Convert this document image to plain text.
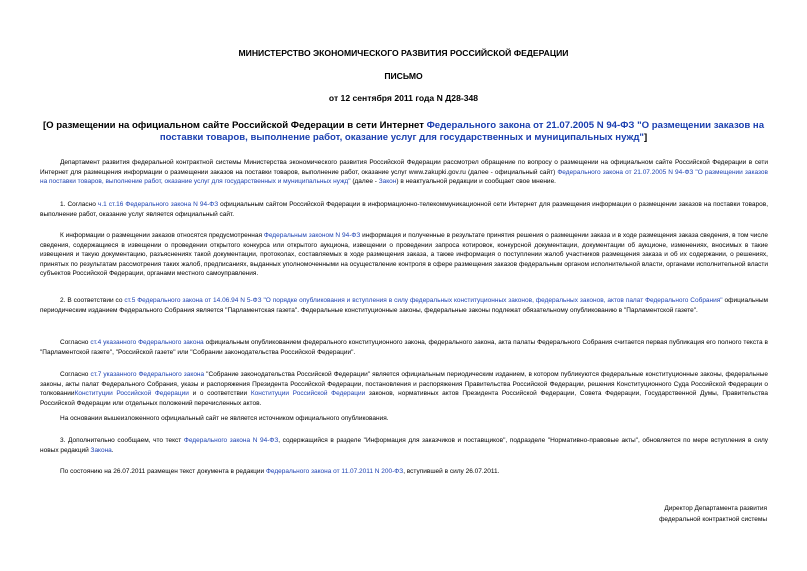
МИНИСТЕРСТВО ЭКОНОМИЧЕСКОГО РАЗВИТИЯ РОССИЙСКОЙ ФЕДЕРАЦИИ
ПИСЬМО
от 12 сентября 2011 года N Д28-348
[О размещении на официальном сайте Российской Федерации в сети Интернет Федерального закона от 21.07.2005 N 94-ФЗ "О размещении заказов на поставки товаров, выполнение работ, оказание услуг для государственных и муниципальных нужд"]

Департамент развития федеральной контрактной системы Министерства экономического развития Российской Федерации рассмотрел обращение по вопросу о размещении на официальном сайте Российской Федерации в сети Интернет для размещения информации о размещении заказов на поставки товаров, выполнение работ, оказание услуг www.zakupki.gov.ru (далее - официальный сайт) Федерального закона от 21.07.2005 N 94-ФЗ "О размещении заказов на поставки товаров, выполнение работ, оказание услуг для государственных и муниципальных нужд" (далее - Закон) в неактуальной редакции и сообщает свое мнение.

1. Согласно ч.1 ст.16 Федерального закона N 94-ФЗ официальным сайтом Российской Федерации в информационно-телекоммуникационной сети Интернет для размещения информации о размещении заказов на поставки товаров, выполнение работ, оказание услуг является официальный сайт.

К информации о размещении заказов относятся предусмотренная Федеральным законом N 94-ФЗ информация и полученные в результате принятия решения о размещении заказа и в ходе размещения заказа сведения, в том числе сведения, содержащиеся в извещении о проведении открытого конкурса или открытого аукциона, извещении о проведении запроса котировок, конкурсной документации, документации об аукционе, изменениях, вносимых в такие извещения и такую документацию, разъяснениях такой документации, протоколах, составляемых в ходе размещения заказа, а также информация о поступлении жалоб участников размещения заказа и об их содержании, о решениях, принятых по результатам рассмотрения таких жалоб, предписаниях, выданных уполномоченными на осуществление контроля в сфере размещения заказов федеральным органом исполнительной власти, органами исполнительной власти субъектов Российской Федерации, органами местного самоуправления.

2. В соответствии со ст.5 Федерального закона от 14.06.94 N 5-ФЗ "О порядке опубликования и вступления в силу федеральных конституционных законов, федеральных законов, актов палат Федерального Собрания" официальным периодическим изданием Федерального Собрания является "Парламентская газета". Федеральные конституционные законы, федеральные законы подлежат обязательному опубликованию в "Парламентской газете".

Согласно ст.4 указанного Федерального закона официальным опубликованием федерального конституционного закона, федерального закона, акта палаты Федерального Собрания считается первая публикация его полного текста в "Парламентской газете", "Российской газете" или "Собрании законодательства Российской Федерации".

Согласно ст.7 указанного Федерального закона "Собрание законодательства Российской Федерации" является официальным периодическим изданием, в котором публикуются федеральные конституционные законы, федеральные законы, акты палат Федерального Собрания, указы и распоряжения Президента Российской Федерации, постановления и распоряжения Правительства Российской Федерации, решения Конституционного Суда Российской Федерации о толкованииКонституции Российской Федерации и о соответствии Конституции Российской Федерации законов, нормативных актов Президента Российской Федерации, Совета Федерации, Государственной Думы, Правительства Российской Федерации или отдельных положений перечисленных актов.

На основании вышеизложенного официальный сайт не является источником официального опубликования.

3. Дополнительно сообщаем, что текст Федерального закона N 94-ФЗ, содержащийся в разделе "Информация для заказчиков и поставщиков", подразделе "Нормативно-правовые акты", обновляется по мере вступления в силу новых редакций Закона.

По состоянию на 26.07.2011 размещен текст документа в редакции Федерального закона от 11.07.2011 N 200-ФЗ, вступившей в силу 26.07.2011.

Директор Департамента развития
федеральной контрактной системы
